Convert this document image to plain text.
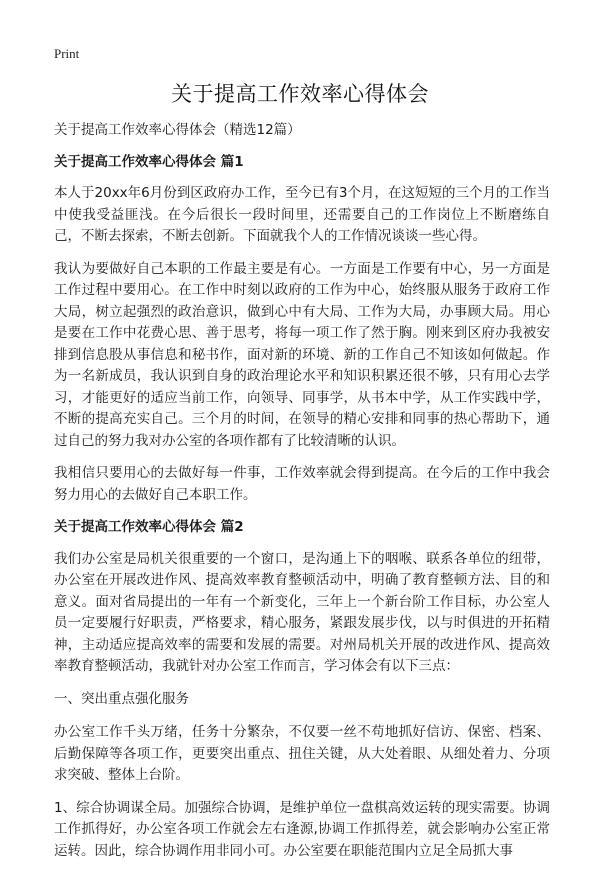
Print
关于提高工作效率心得体会

关于提高工作效率心得体会（精选12篇）

关于提高工作效率心得体会 篇1

本人于20xx年6月份到区政府办工作，至今已有3个月，在这短短的三个月的工作当中使我受益匪浅。在今后很长一段时间里，还需要自己的工作岗位上不断磨练自己，不断去探索，不断去创新。下面就我个人的工作情况谈谈一些心得。

我认为要做好自己本职的工作最主要是有心。一方面是工作要有中心，另一方面是工作过程中要用心。在工作中时刻以政府的工作为中心，始终服从服务于政府工作大局，树立起强烈的政治意识，做到心中有大局、工作为大局，办事顾大局。用心是要在工作中花费心思、善于思考，将每一项工作了然于胸。刚来到区府办我被安排到信息股从事信息和秘书作，面对新的环境、新的工作自己不知该如何做起。作为一名新成员，我认识到自身的政治理论水平和知识积累还很不够，只有用心去学习，才能更好的适应当前工作，向领导、同事学，从书本中学，从工作实践中学，不断的提高充实自己。三个月的时间，在领导的精心安排和同事的热心帮助下，通过自己的努力我对办公室的各项作都有了比较清晰的认识。

我相信只要用心的去做好每一件事，工作效率就会得到提高。在今后的工作中我会努力用心的去做好自己本职工作。

关于提高工作效率心得体会 篇2

我们办公室是局机关很重要的一个窗口，是沟通上下的咽喉、联系各单位的纽带，办公室在开展改进作风、提高效率教育整顿活动中，明确了教育整顿方法、目的和意义。面对省局提出的一年有一个新变化，三年上一个新台阶工作目标，办公室人员一定要履行好职责，严格要求，精心服务，紧跟发展步伐，以与时俱进的开拓精神，主动适应提高效率的需要和发展的需要。对州局机关开展的改进作风、提高效率教育整顿活动，我就针对办公室工作而言，学习体会有以下三点：

一、突出重点强化服务

办公室工作千头万绪，任务十分繁杂，不仅要一丝不苟地抓好信访、保密、档案、后勤保障等各项工作，更要突出重点、扭住关键，从大处着眼、从细处着力、分项求突破、整体上台阶。

1、综合协调谋全局。加强综合协调，是维护单位一盘棋高效运转的现实需要。协调工作抓得好，办公室各项工作就会左右逢源,协调工作抓得差，就会影响办公室正常运转。因此，综合协调作用非同小可。办公室要在职能范围内立足全局抓大事
